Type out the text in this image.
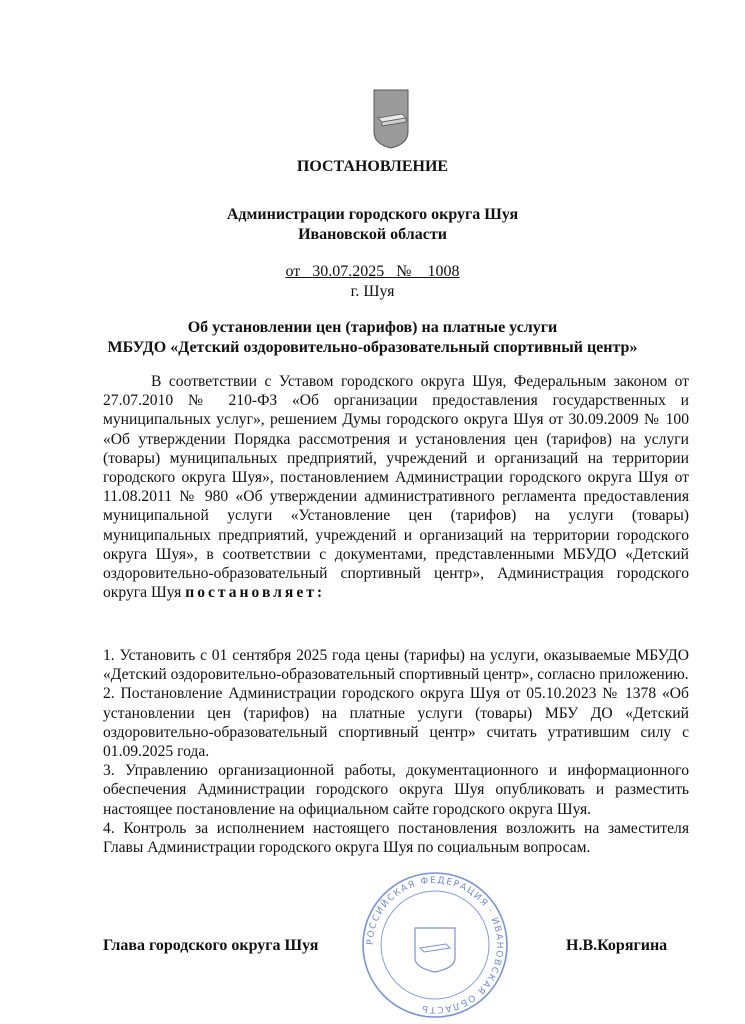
ПОСТАНОВЛЕНИЕ
Администрации городского округа Шуя
Ивановской области
от 30.07.2025 № 1008
г. Шуя
Об установлении цен (тарифов) на платные услуги
МБУДО «Детский оздоровительно-образовательный спортивный центр»
В соответствии с Уставом городского округа Шуя, Федеральным законом от 27.07.2010 № 210-ФЗ «Об организации предоставления государственных и муниципальных услуг», решением Думы городского округа Шуя от 30.09.2009 № 100 «Об утверждении Порядка рассмотрения и установления цен (тарифов) на услуги (товары) муниципальных предприятий, учреждений и организаций на территории городского округа Шуя», постановлением Администрации городского округа Шуя от 11.08.2011 № 980 «Об утверждении административного регламента предоставления муниципальной услуги «Установление цен (тарифов) на услуги (товары) муниципальных предприятий, учреждений и организаций на территории городского округа Шуя», в соответствии с документами, представленными МБУДО «Детский оздоровительно-образовательный спортивный центр», Администрация городского округа Шуя постановляет:

1. Установить с 01 сентября 2025 года цены (тарифы) на услуги, оказываемые МБУДО «Детский оздоровительно-образовательный спортивный центр», согласно приложению.

2. Постановление Администрации городского округа Шуя от 05.10.2023 № 1378 «Об установлении цен (тарифов) на платные услуги (товары) МБУ ДО «Детский оздоровительно-образовательный спортивный центр» считать утратившим силу с 01.09.2025 года.

3. Управлению организационной работы, документационного и информационного обеспечения Администрации городского округа Шуя опубликовать и разместить настоящее постановление на официальном сайте городского округа Шуя.

4. Контроль за исполнением настоящего постановления возложить на заместителя Главы Администрации городского округа Шуя по социальным вопросам.

РОССИЙСКАЯ ФЕДЕРАЦИЯ · ИВАНОВСКАЯ ОБЛАСТЬ
Глава городского округа Шуя	Н.В.Корягина
